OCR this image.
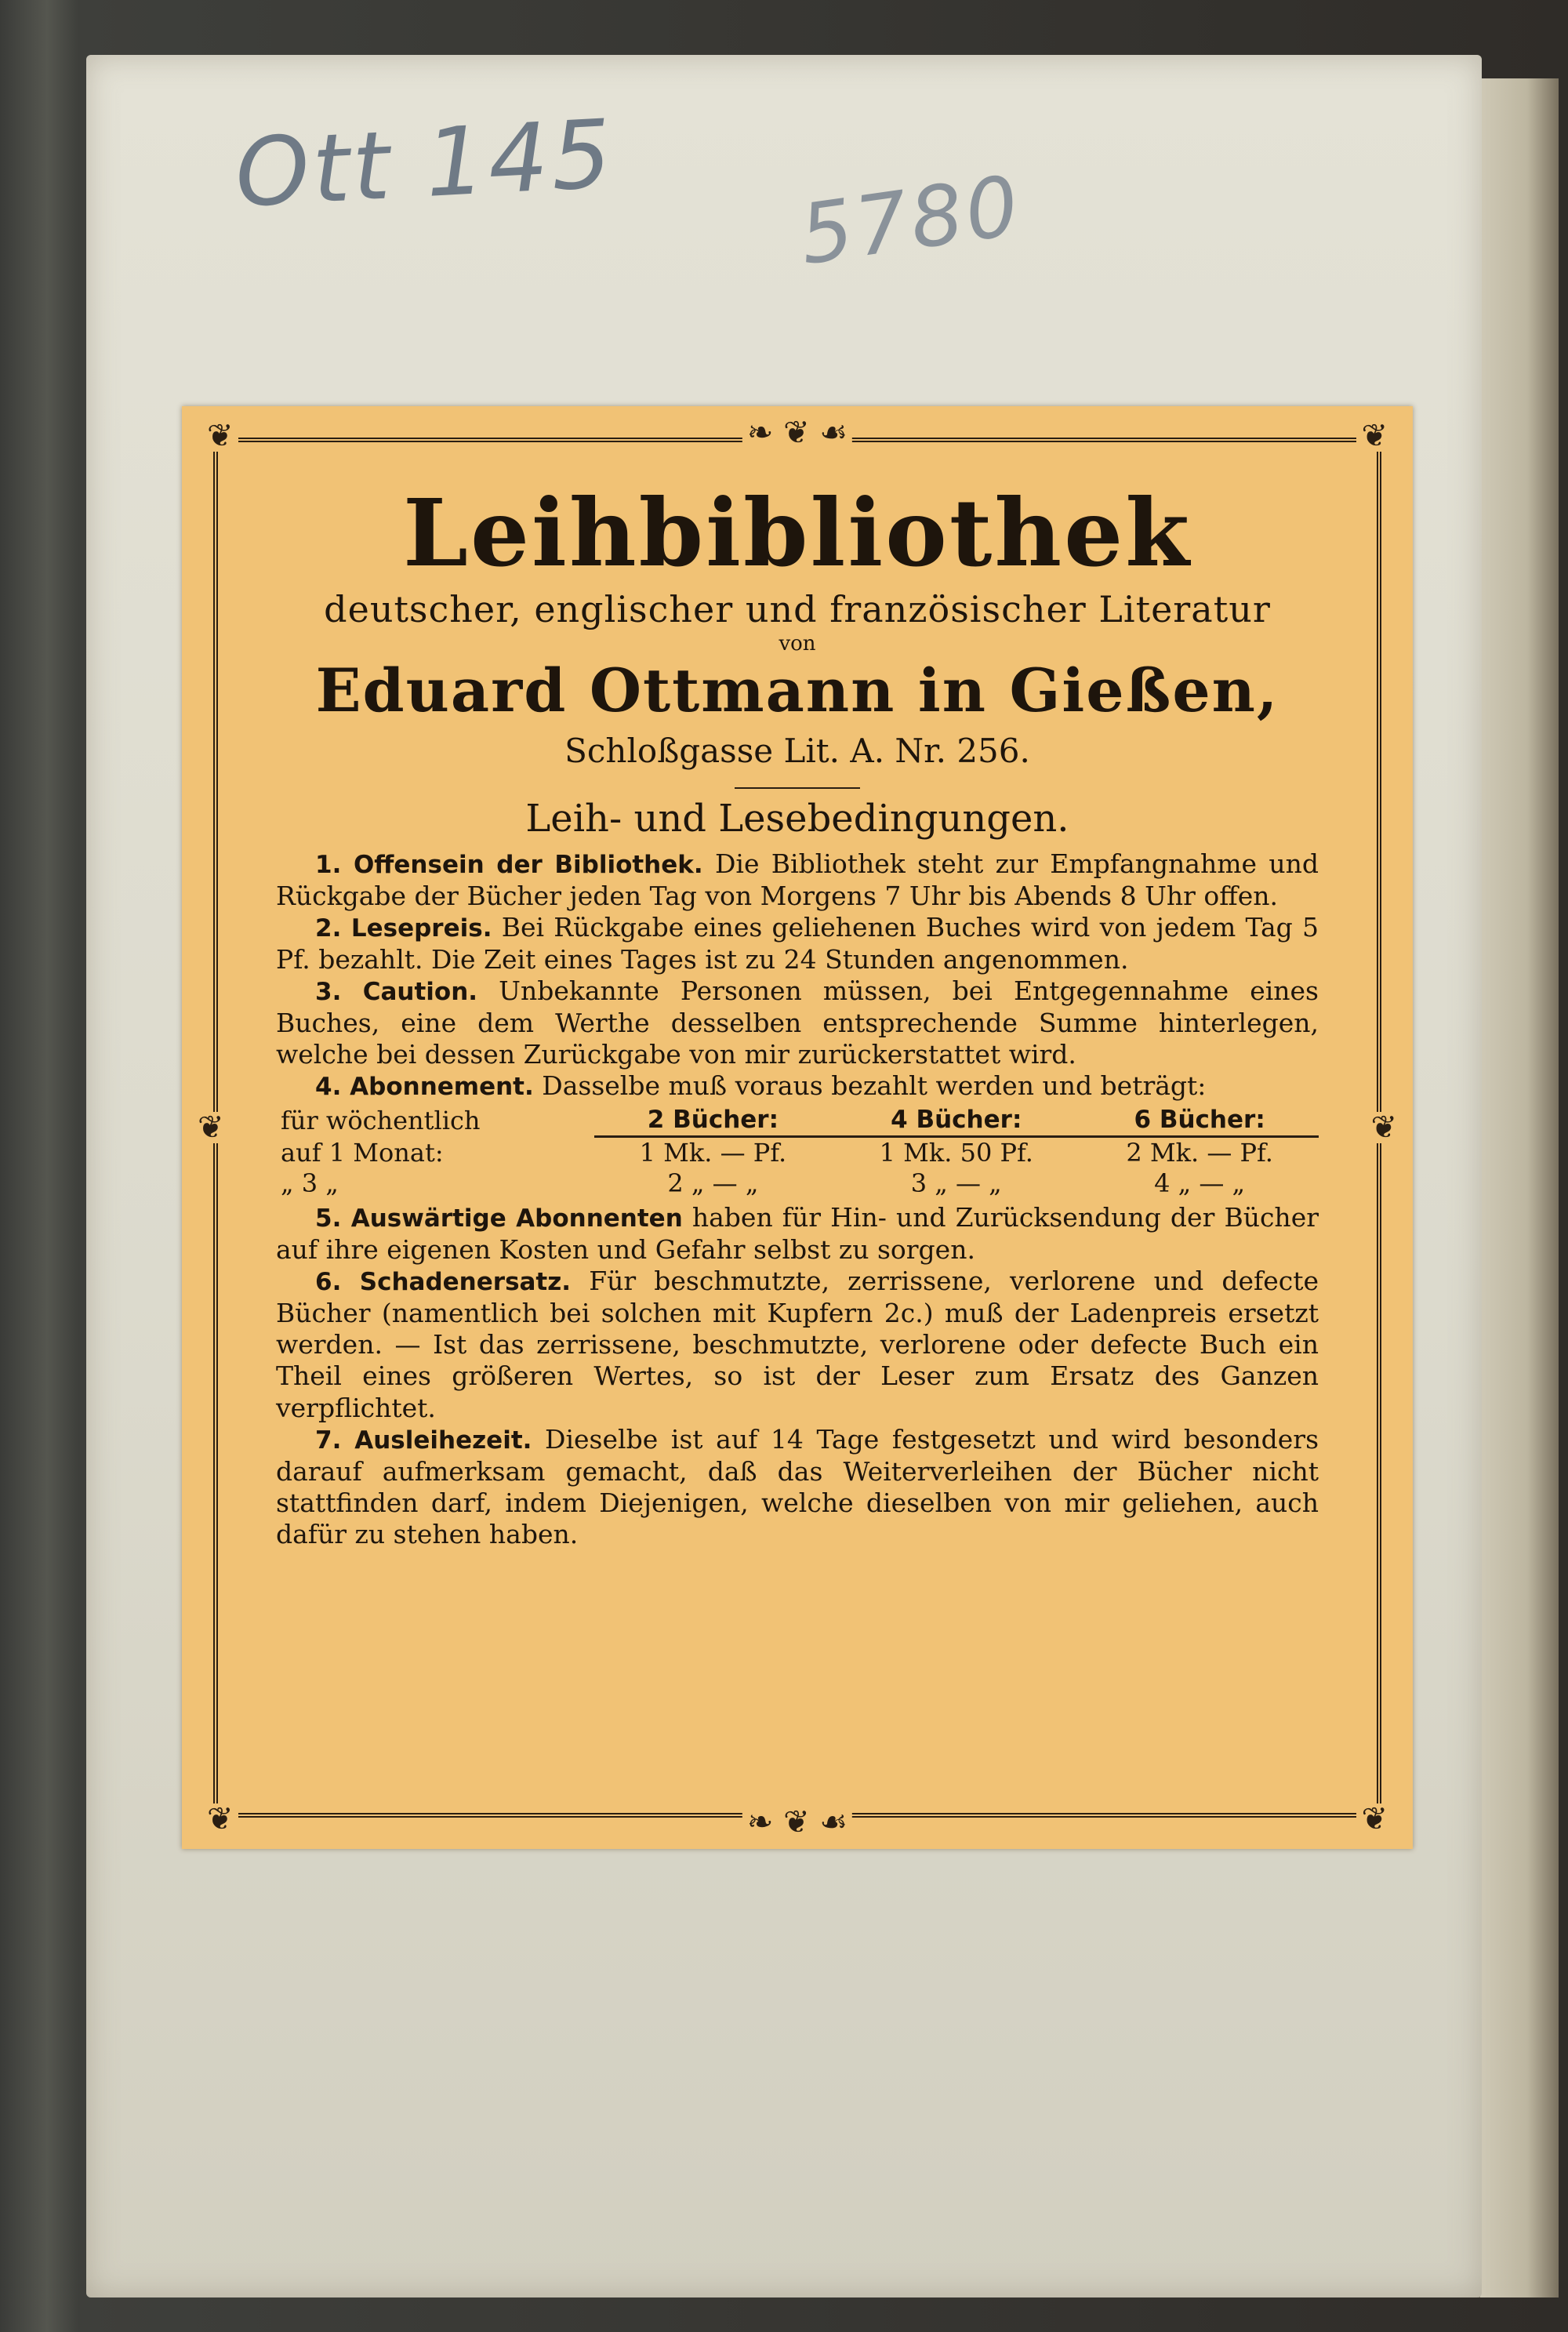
Ott 145 5780
❦	❦
❦	❦
❧ ❦ ☙
❧ ❦ ☙
❦	❦
Leihbibliothek
deutscher, englischer und französischer Literatur
von
Eduard Ottmann in Gießen,
Schloßgasse Lit. A. Nr. 256.
Leih- und Lesebedingungen.

1. Offensein der Bibliothek. Die Bibliothek steht zur Empfangnahme und Rückgabe der Bücher jeden Tag von Morgens 7 Uhr bis Abends 8 Uhr offen.

2. Lesepreis. Bei Rückgabe eines geliehenen Buches wird von jedem Tag 5 Pf. bezahlt. Die Zeit eines Tages ist zu 24 Stunden angenommen.

3. Caution. Unbekannte Personen müssen, bei Entgegennahme eines Buches, eine dem Werthe desselben entsprechende Summe hinterlegen, welche bei dessen Zurückgabe von mir zurückerstattet wird.

4. Abonnement. Dasselbe muß voraus bezahlt werden und beträgt:

für wöchentlich	2 Bücher:	4 Bücher:	6 Bücher:
auf 1 Monat:	1 Mk. — Pf.	1 Mk. 50 Pf.	2 Mk. — Pf.
„ 3 „	2 „ — „	3 „ — „	4 „ — „

5. Auswärtige Abonnenten haben für Hin- und Zurücksendung der Bücher auf ihre eigenen Kosten und Gefahr selbst zu sorgen.

6. Schadenersatz. Für beschmutzte, zerrissene, verlorene und defecte Bücher (namentlich bei solchen mit Kupfern 2c.) muß der Ladenpreis ersetzt werden. — Ist das zerrissene, beschmutzte, verlorene oder defecte Buch ein Theil eines größeren Wertes, so ist der Leser zum Ersatz des Ganzen verpflichtet.

7. Ausleihezeit. Dieselbe ist auf 14 Tage festgesetzt und wird besonders darauf aufmerksam gemacht, daß das Weiterverleihen der Bücher nicht stattfinden darf, indem Diejenigen, welche dieselben von mir geliehen, auch dafür zu stehen haben.
